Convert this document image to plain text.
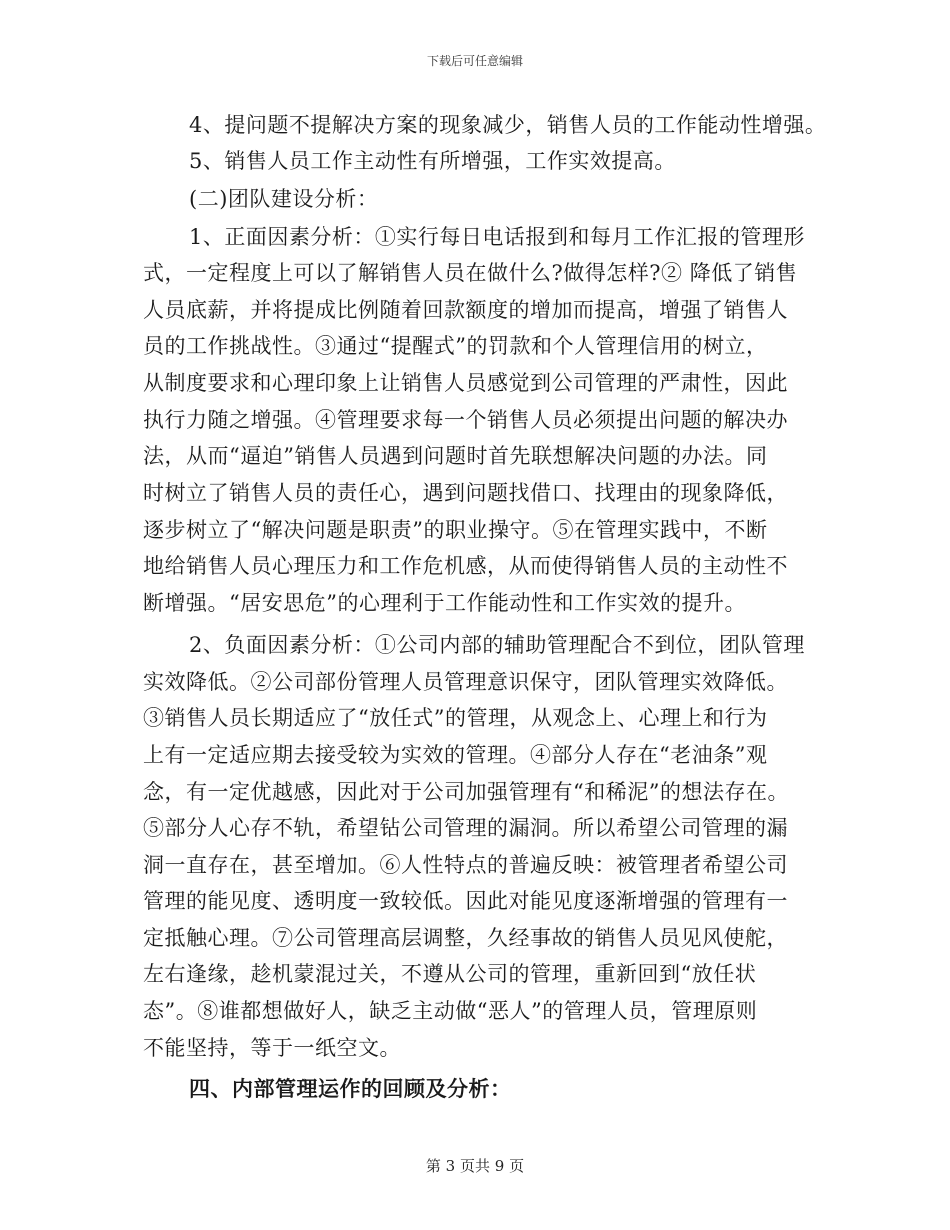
下载后可任意编辑
4、提问题不提解决方案的现象减少，销售人员的工作能动性增强。
5、销售人员工作主动性有所增强，工作实效提高。
(二)团队建设分析：
1、正面因素分析：①实行每日电话报到和每月工作汇报的管理形
式，一定程度上可以了解销售人员在做什么?做得怎样?② 降低了销售
人员底薪，并将提成比例随着回款额度的增加而提高，增强了销售人
员的工作挑战性。③通过“提醒式”的罚款和个人管理信用的树立，
从制度要求和心理印象上让销售人员感觉到公司管理的严肃性，因此
执行力随之增强。④管理要求每一个销售人员必须提出问题的解决办
法，从而“逼迫”销售人员遇到问题时首先联想解决问题的办法。同
时树立了销售人员的责任心，遇到问题找借口、找理由的现象降低，
逐步树立了“解决问题是职责”的职业操守。⑤在管理实践中，不断
地给销售人员心理压力和工作危机感，从而使得销售人员的主动性不
断增强。“居安思危”的心理利于工作能动性和工作实效的提升。
2、负面因素分析：①公司内部的辅助管理配合不到位，团队管理
实效降低。②公司部份管理人员管理意识保守，团队管理实效降低。
③销售人员长期适应了“放任式”的管理，从观念上、心理上和行为
上有一定适应期去接受较为实效的管理。④部分人存在“老油条”观
念，有一定优越感，因此对于公司加强管理有“和稀泥”的想法存在。
⑤部分人心存不轨，希望钻公司管理的漏洞。所以希望公司管理的漏
洞一直存在，甚至增加。⑥人性特点的普遍反映：被管理者希望公司
管理的能见度、透明度一致较低。因此对能见度逐渐增强的管理有一
定抵触心理。⑦公司管理高层调整，久经事故的销售人员见风使舵，
左右逢缘，趁机蒙混过关，不遵从公司的管理，重新回到“放任状
态”。⑧谁都想做好人，缺乏主动做“恶人”的管理人员，管理原则
不能坚持，等于一纸空文。
四、内部管理运作的回顾及分析：
第 3 页共 9 页
